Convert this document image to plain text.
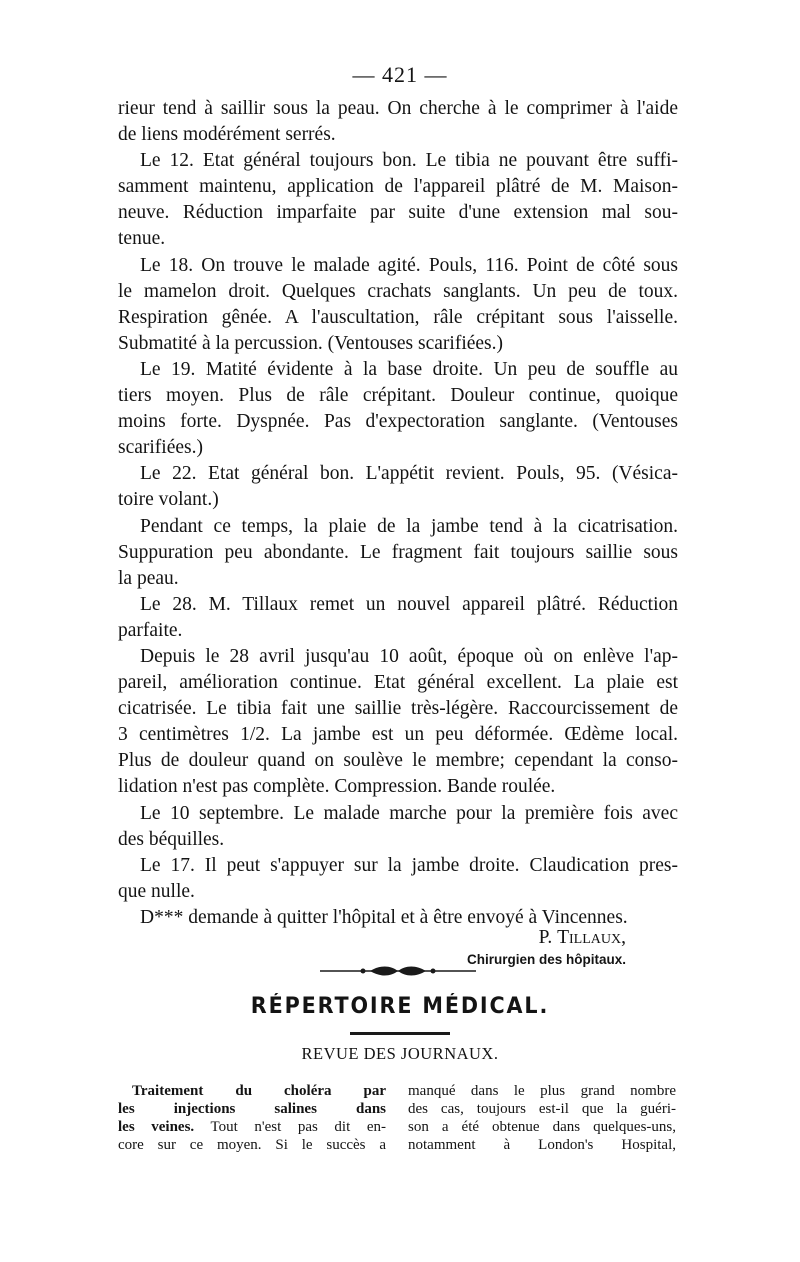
— 421 —
rieur tend à saillir sous la peau. On cherche à le comprimer à l'aide
de liens modérément serrés.
Le 12. Etat général toujours bon. Le tibia ne pouvant être suffi-
samment maintenu, application de l'appareil plâtré de M. Maison-
neuve. Réduction imparfaite par suite d'une extension mal sou-
tenue.
Le 18. On trouve le malade agité. Pouls, 116. Point de côté sous
le mamelon droit. Quelques crachats sanglants. Un peu de toux.
Respiration gênée. A l'auscultation, râle crépitant sous l'aisselle.
Submatité à la percussion. (Ventouses scarifiées.)
Le 19. Matité évidente à la base droite. Un peu de souffle au
tiers moyen. Plus de râle crépitant. Douleur continue, quoique
moins forte. Dyspnée. Pas d'expectoration sanglante. (Ventouses
scarifiées.)
Le 22. Etat général bon. L'appétit revient. Pouls, 95. (Vésica-
toire volant.)
Pendant ce temps, la plaie de la jambe tend à la cicatrisation.
Suppuration peu abondante. Le fragment fait toujours saillie sous
la peau.
Le 28. M. Tillaux remet un nouvel appareil plâtré. Réduction
parfaite.
Depuis le 28 avril jusqu'au 10 août, époque où on enlève l'ap-
pareil, amélioration continue. Etat général excellent. La plaie est
cicatrisée. Le tibia fait une saillie très-légère. Raccourcissement de
3 centimètres 1/2. La jambe est un peu déformée. Œdème local.
Plus de douleur quand on soulève le membre; cependant la conso-
lidation n'est pas complète. Compression. Bande roulée.
Le 10 septembre. Le malade marche pour la première fois avec
des béquilles.
Le 17. Il peut s'appuyer sur la jambe droite. Claudication pres-
que nulle.
D*** demande à quitter l'hôpital et à être envoyé à Vincennes.
P. Tillaux,
Chirurgien des hôpitaux.
RÉPERTOIRE MÉDICAL.
REVUE DES JOURNAUX.
Traitement du choléra par
les injections salines dans
les veines. Tout n'est pas dit en-
core sur ce moyen. Si le succès a
manqué dans le plus grand nombre
des cas, toujours est-il que la guéri-
son a été obtenue dans quelques-uns,
notamment à London's Hospital,
